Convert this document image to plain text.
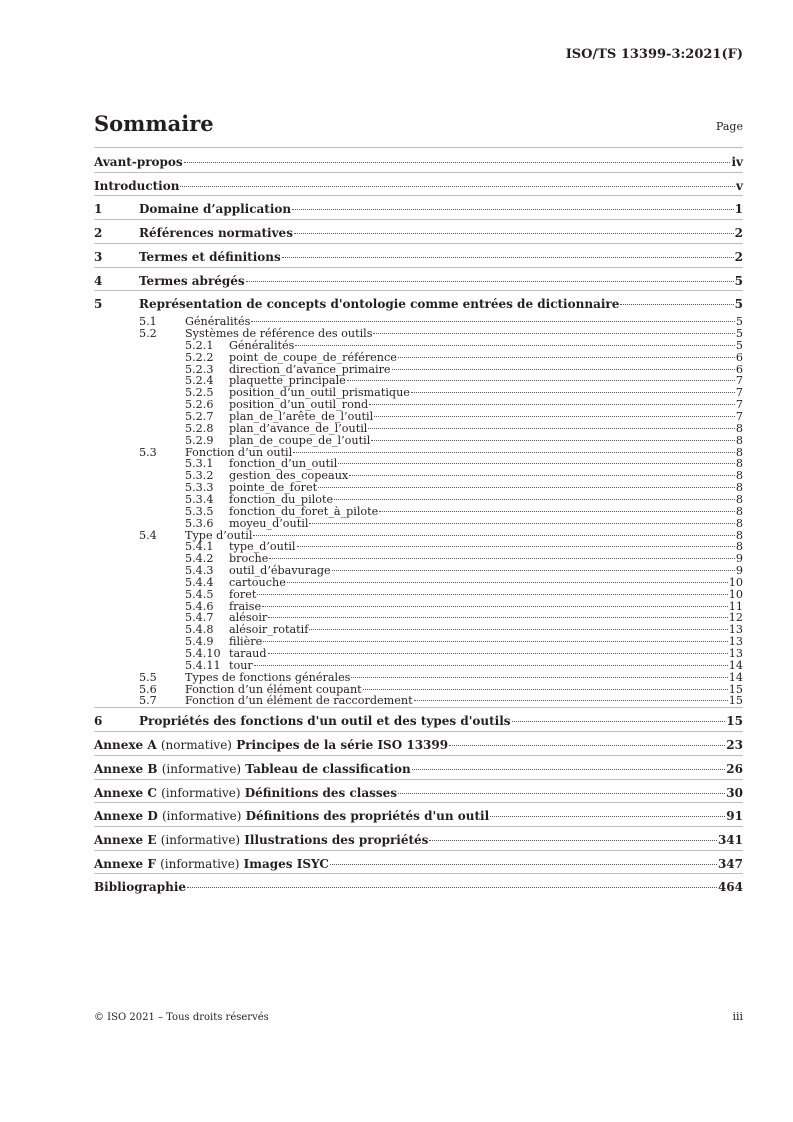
ISO/TS 13399-3:2021(F)
Sommaire	Page
Avant-propos	iv
Introduction	v
1	Domaine d’application	1
2	Références normatives	2
3	Termes et définitions	2
4	Termes abrégés	5
5	Représentation de concepts d'ontologie comme entrées de dictionnaire	5
5.1	Généralités	5
5.2	Systèmes de référence des outils	5
5.2.1	Généralités	5
5.2.2	point_de_coupe_de_référence	6
5.2.3	direction_d’avance_primaire	6
5.2.4	plaquette_principale	7
5.2.5	position_d’un_outil_prismatique	7
5.2.6	position_d’un_outil_rond	7
5.2.7	plan_de_l’arête_de_l’outil	7
5.2.8	plan_d’avance_de_l’outil	8
5.2.9	plan_de_coupe_de_l’outil	8
5.3	Fonction d’un outil	8
5.3.1	fonction_d’un_outil	8
5.3.2	gestion_des_copeaux	8
5.3.3	pointe_de_foret	8
5.3.4	fonction_du_pilote	8
5.3.5	fonction_du_foret_à_pilote	8
5.3.6	moyeu_d’outil	8
5.4	Type d’outil	8
5.4.1	type_d’outil	8
5.4.2	broche	9
5.4.3	outil_d’ébavurage	9
5.4.4	cartouche	10
5.4.5	foret	10
5.4.6	fraise	11
5.4.7	alésoir	12
5.4.8	alésoir_rotatif	13
5.4.9	filière	13
5.4.10 taraud	13
5.4.11 tour	14
5.5	Types de fonctions générales	14
5.6	Fonction d’un élément coupant	15
5.7	Fonction d’un élément de raccordement	15
6	Propriétés des fonctions d'un outil et des types d'outils	15
Annexe A (normative) Principes de la série ISO 13399	23
Annexe B (informative) Tableau de classification	26
Annexe C (informative) Définitions des classes	30
Annexe D (informative) Définitions des propriétés d'un outil	91
Annexe E (informative) Illustrations des propriétés	341
Annexe F (informative) Images ISYC	347
Bibliographie	464
© ISO 2021 – Tous droits réservés	iii
